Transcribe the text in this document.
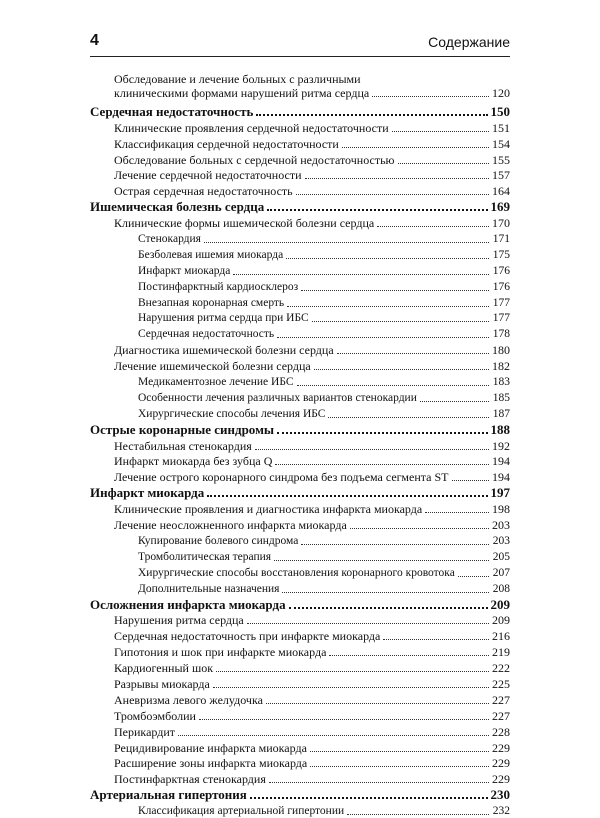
4	Содержание
Обследование и лечение больных с различными
клиническими формами нарушений ритма сердца	120
Сердечная недостаточность	150
Клинические проявления сердечной недостаточности	151
Классификация сердечной недостаточности	154
Обследование больных с сердечной недостаточностью	155
Лечение сердечной недостаточности	157
Острая сердечная недостаточность	164
Ишемическая болезнь сердца	169
Клинические формы ишемической болезни сердца	170
Стенокардия	171
Безболевая ишемия миокарда	175
Инфаркт миокарда	176
Постинфарктный кардиосклероз	176
Внезапная коронарная смерть	177
Нарушения ритма сердца при ИБС	177
Сердечная недостаточность	178
Диагностика ишемической болезни сердца	180
Лечение ишемической болезни сердца	182
Медикаментозное лечение ИБС	183
Особенности лечения различных вариантов стенокардии	185
Хирургические способы лечения ИБС	187
Острые коронарные синдромы	188
Нестабильная стенокардия	192
Инфаркт миокарда без зубца Q	194
Лечение острого коронарного синдрома без подъема сегмента ST	194
Инфаркт миокарда	197
Клинические проявления и диагностика инфаркта миокарда	198
Лечение неосложненного инфаркта миокарда	203
Купирование болевого синдрома	203
Тромболитическая терапия	205
Хирургические способы восстановления коронарного кровотока	207
Дополнительные назначения	208
Осложнения инфаркта миокарда	209
Нарушения ритма сердца	209
Сердечная недостаточность при инфаркте миокарда	216
Гипотония и шок при инфаркте миокарда	219
Кардиогенный шок	222
Разрывы миокарда	225
Аневризма левого желудочка	227
Тромбоэмболии	227
Перикардит	228
Рецидивирование инфаркта миокарда	229
Расширение зоны инфаркта миокарда	229
Постинфарктная стенокардия	229
Артериальная гипертония	230
Классификация артериальной гипертонии	232
